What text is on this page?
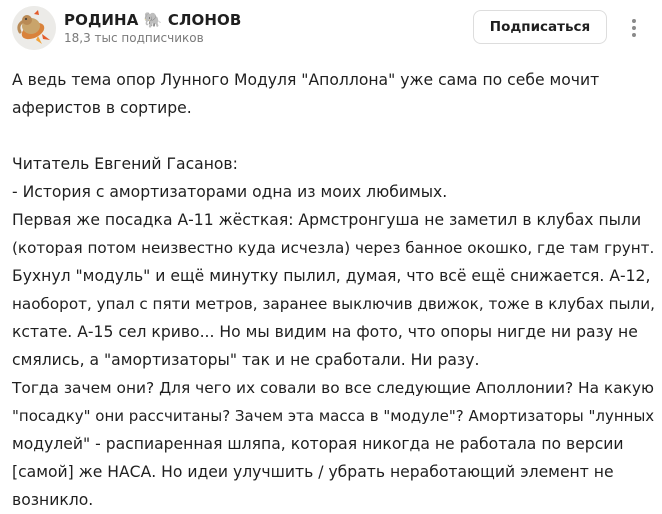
РОДИНА 🐘 СЛОНОВ
18,3 тыс подписчиков
Подписаться
А ведь тема опор Лунного Модуля "Аполлона" уже сама по себе мочит
аферистов в сортире.
Читатель Евгений Гасанов:
- История с амортизаторами одна из моих любимых.
Первая же посадка А-11 жёсткая: Армстронгуша не заметил в клубах пыли
(которая потом неизвестно куда исчезла) через банное окошко, где там грунт.
Бухнул "модуль" и ещё минутку пылил, думая, что всё ещё снижается. А-12,
наоборот, упал с пяти метров, заранее выключив движок, тоже в клубах пыли,
кстате. А-15 сел криво... Но мы видим на фото, что опоры нигде ни разу не
смялись, а "амортизаторы" так и не сработали. Ни разу.
Тогда зачем они? Для чего их совали во все следующие Аполлонии? На какую
"посадку" они рассчитаны? Зачем эта масса в "модуле"? Амортизаторы "лунных
модулей" - распиаренная шляпа, которая никогда не работала по версии
[самой] же НАСА. Но идеи улучшить / убрать неработающий элемент не
возникло.
